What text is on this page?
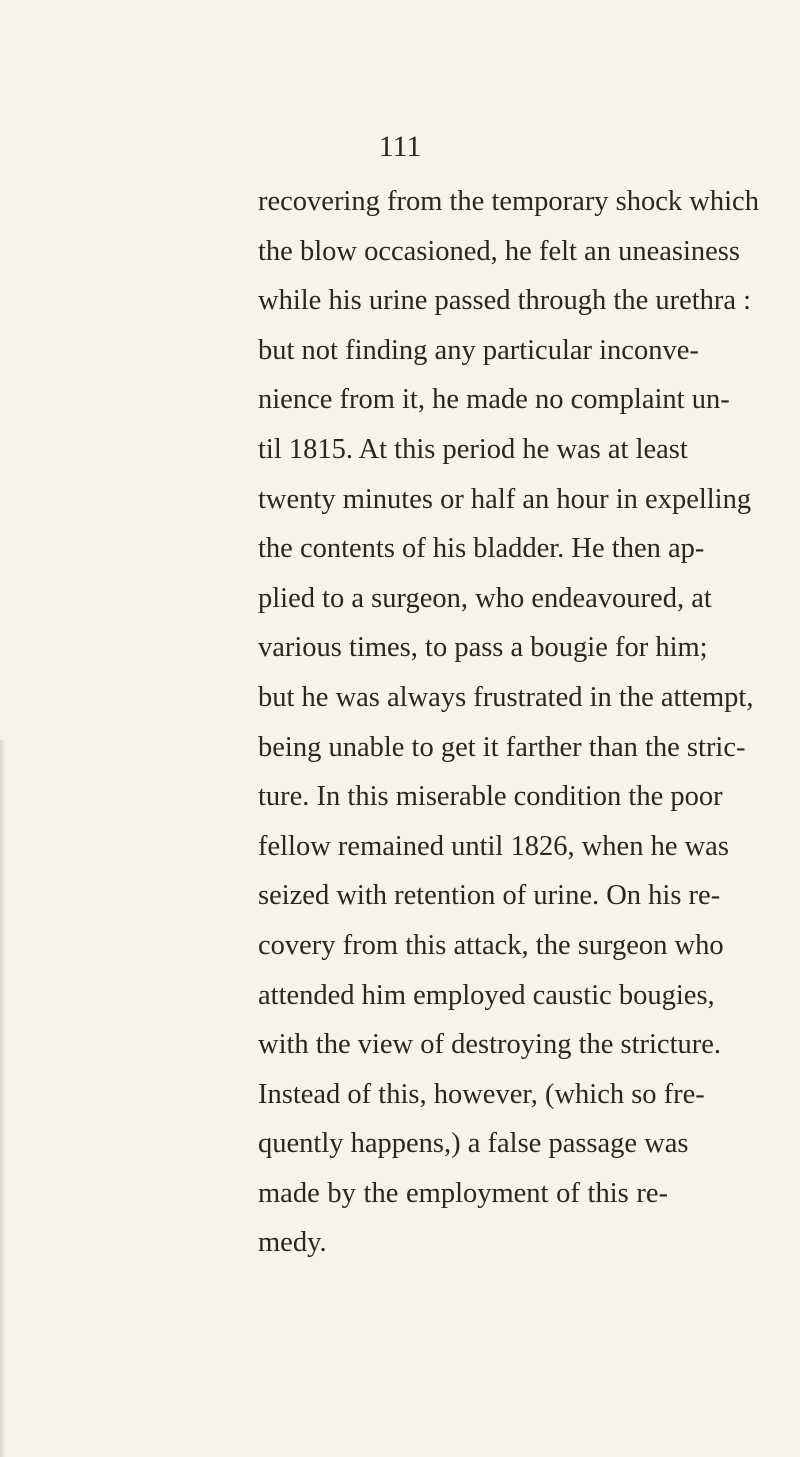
111
recovering from the temporary shock which
the blow occasioned, he felt an uneasiness
while his urine passed through the urethra :
but not finding any particular inconve-
nience from it, he made no complaint un-
til 1815. At this period he was at least
twenty minutes or half an hour in expelling
the contents of his bladder. He then ap-
plied to a surgeon, who endeavoured, at
various times, to pass a bougie for him;
but he was always frustrated in the attempt,
being unable to get it farther than the stric-
ture. In this miserable condition the poor
fellow remained until 1826, when he was
seized with retention of urine. On his re-
covery from this attack, the surgeon who
attended him employed caustic bougies,
with the view of destroying the stricture.
Instead of this, however, (which so fre-
quently happens,) a false passage was
made by the employment of this re-
medy.
